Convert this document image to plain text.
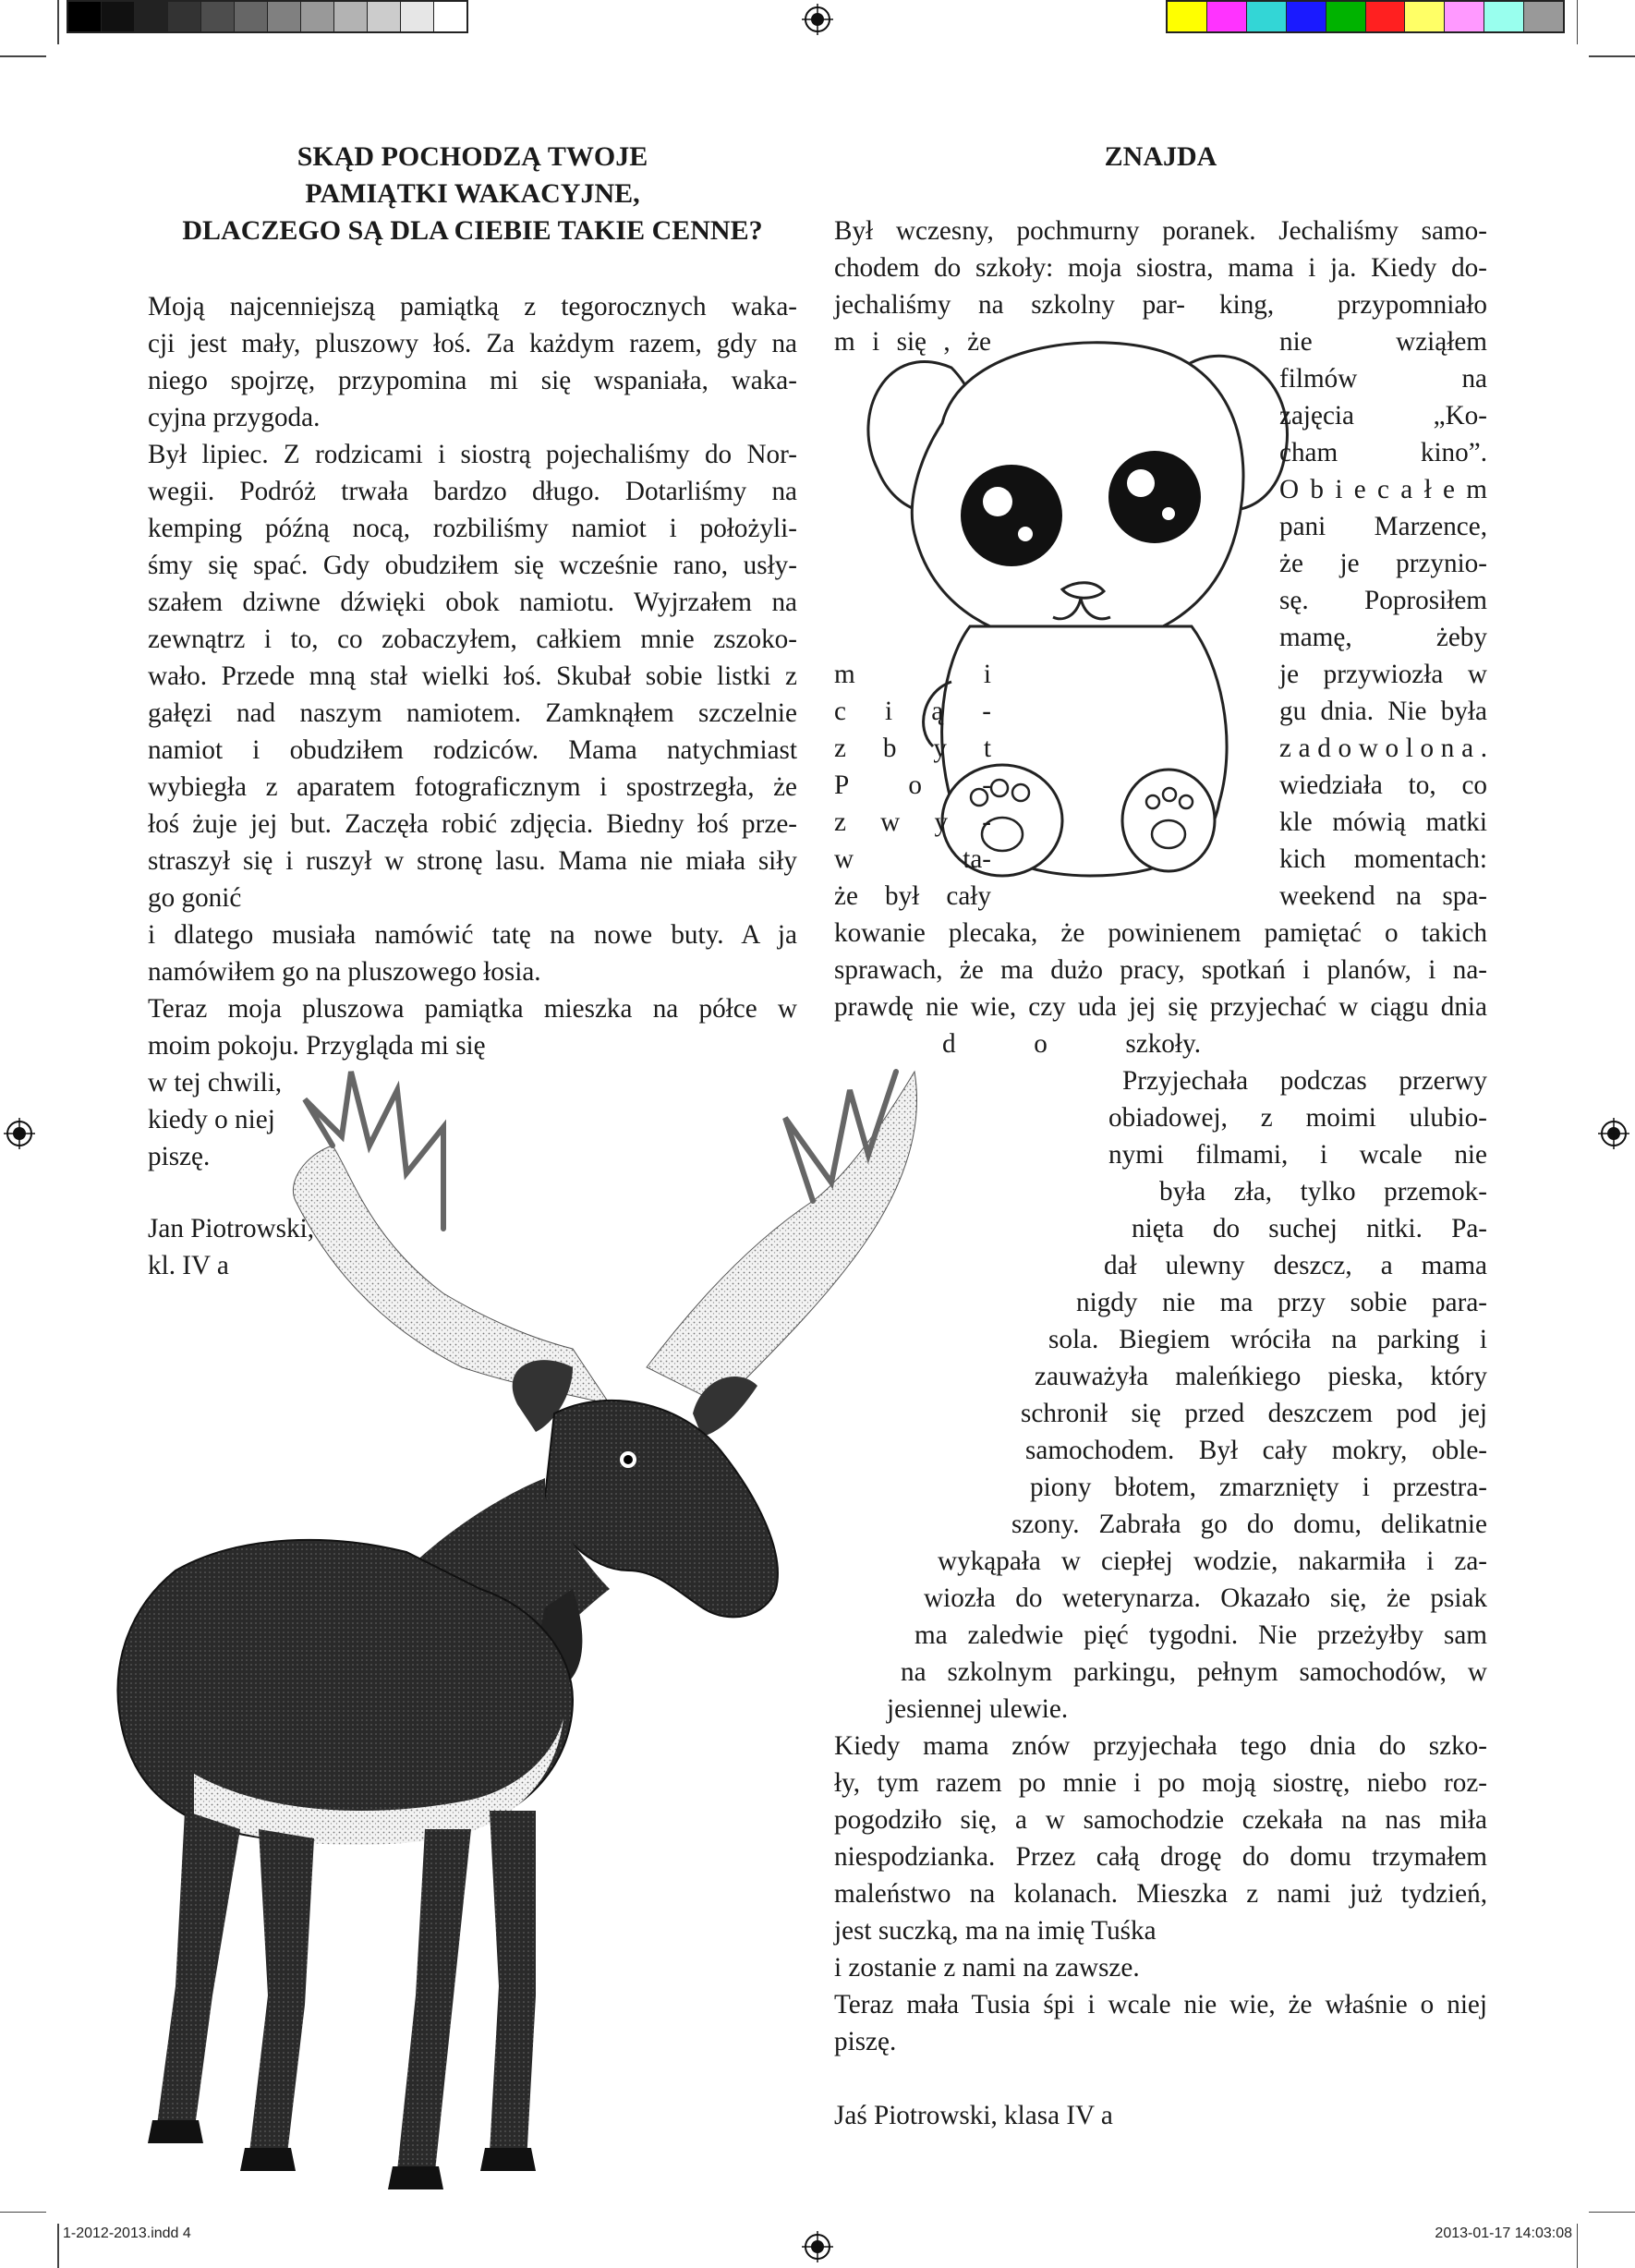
SKĄD POCHODZĄ TWOJE
PAMIĄTKI WAKACYJNE,
DLACZEGO SĄ DLA CIEBIE TAKIE CENNE?

Moją najcenniejszą pamiątką z tegorocznych waka-

cji jest mały, pluszowy łoś. Za każdym razem, gdy na

niego spojrzę, przypomina mi się wspaniała, waka-

cyjna przygoda.

Był lipiec. Z rodzicami i siostrą pojechaliśmy do Nor-

wegii. Podróż trwała bardzo długo. Dotarliśmy na

kemping późną nocą, rozbiliśmy namiot i położyli-

śmy się spać. Gdy obudziłem się wcześnie rano, usły-

szałem dziwne dźwięki obok namiotu. Wyjrzałem na

zewnątrz i to, co zobaczyłem, całkiem mnie zszoko-

wało. Przede mną stał wielki łoś. Skubał sobie listki z

gałęzi nad naszym namiotem. Zamknąłem szczelnie

namiot i obudziłem rodziców. Mama natychmiast

wybiegła z aparatem fotograficznym i spostrzegła, że

łoś żuje jej but. Zaczęła robić zdjęcia. Biedny łoś prze-

straszył się i ruszył w stronę lasu. Mama nie miała siły

go gonić

i dlatego musiała namówić tatę na nowe buty. A ja

namówiłem go na pluszowego łosia.

Teraz moja pluszowa pamiątka mieszka na półce w

moim pokoju. Przygląda mi się

w tej chwili,

kiedy o niej

piszę.

Jan Piotrowski,
kl. IV a
ZNAJDA
Był wczesny, pochmurny poranek. Jechaliśmy samo-
chodem do szkoły: moja siostra, mama i ja. Kiedy do-
jechaliśmy na szkolny par- king, przypomniało
m i się , że	nie wziąłem
filmów na
zajęcia „Ko-
cham kino”.
O b i e c a ł e m
pani Marzence,
że je przynio-
sę. Poprosiłem
mamę, żeby
m i	je przywiozła w
c i ą -	gu dnia. Nie była
z b y t	z a d o w o l o n a .
P o -	wiedziała to, co
z w y -	kle mówią matki
w ta-	kich momentach:
że był cały	weekend na spa-
kowanie plecaka, że powinienem pamiętać o takich
sprawach, że ma dużo pracy, spotkań i planów, i na-
prawdę nie wie, czy uda jej się przyjechać w ciągu dnia
d o szkoły.
Przyjechała podczas przerwy
obiadowej, z moimi ulubio-
nymi filmami, i wcale nie
była zła, tylko przemok-
nięta do suchej nitki. Pa-
dał ulewny deszcz, a mama
nigdy nie ma przy sobie para-
sola. Biegiem wróciła na parking i
zauważyła maleńkiego pieska, który
schronił się przed deszczem pod jej
samochodem. Był cały mokry, oble-
piony błotem, zmarznięty i przestra-
szony. Zabrała go do domu, delikatnie
wykąpała w ciepłej wodzie, nakarmiła i za-
wiozła do weterynarza. Okazało się, że psiak
ma zaledwie pięć tygodni. Nie przeżyłby sam
na szkolnym parkingu, pełnym samochodów, w
jesiennej ulewie.
Kiedy mama znów przyjechała tego dnia do szko-
ły, tym razem po mnie i po moją siostrę, niebo roz-
pogodziło się, a w samochodzie czekała na nas miła
niespodzianka. Przez całą drogę do domu trzymałem
maleństwo na kolanach. Mieszka z nami już tydzień,
jest suczką, ma na imię Tuśka
i zostanie z nami na zawsze.
Teraz mała Tusia śpi i wcale nie wie, że właśnie o niej
piszę.
Jaś Piotrowski, klasa IV a
1-2012-2013.indd 4	2013-01-17 14:03:08
